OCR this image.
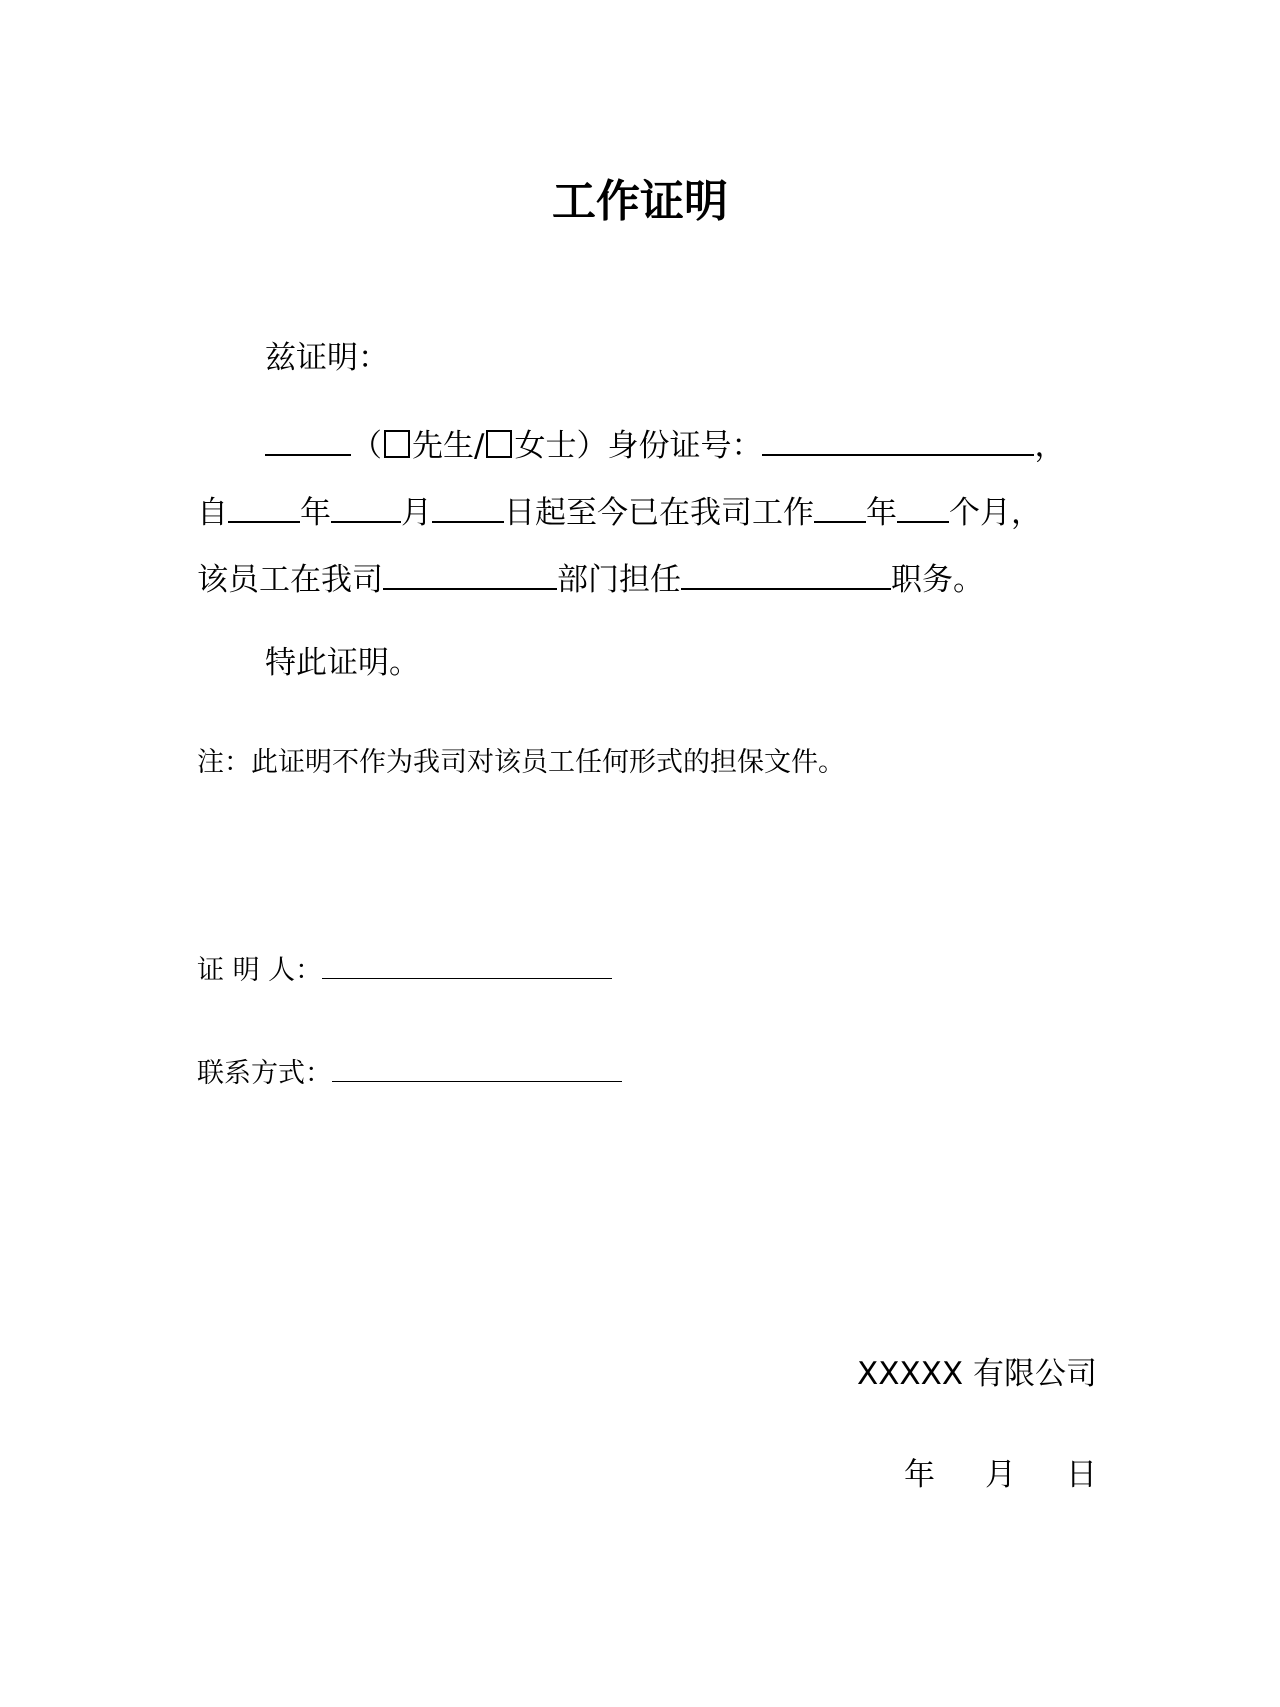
工作证明
兹证明：
（ 先生/ 女士）身份证号：	，
自 年 月 日起至今已在我司工作 年 个月，
该员工在我司	部门担任	职务。
特此证明。
注：此证明不作为我司对该员工任何形式的担保文件。
证 明 人：
联系方式：
XXXXX 有限公司
年 月 日
